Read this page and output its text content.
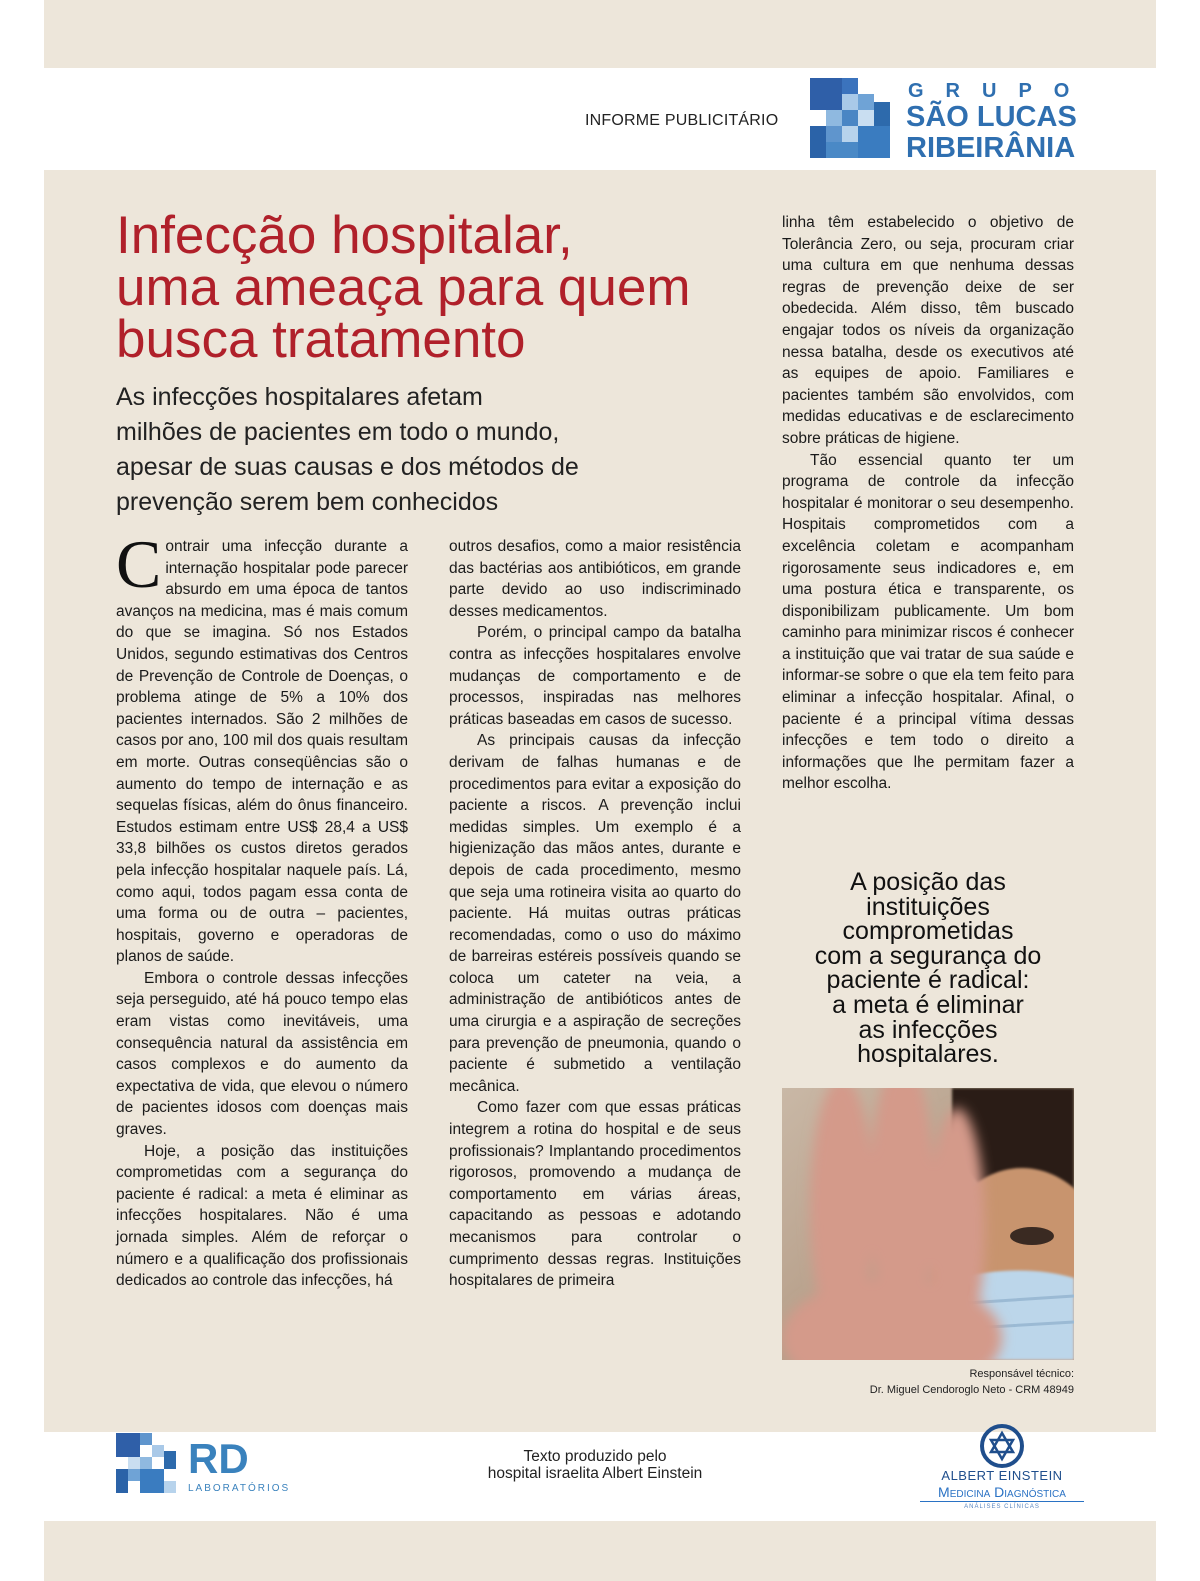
INFORME PUBLICITÁRIO
GRUPO
SÃO LUCAS
RIBEIRÂNIA
Infecção hospitalar,
uma ameaça para quem
busca tratamento
As infecções hospitalares afetam
milhões de pacientes em todo o mundo,
apesar de suas causas e dos métodos de
prevenção serem bem conhecidos

Contrair uma infecção durante a internação hospitalar pode parecer absurdo em uma época de tantos avanços na medicina, mas é mais comum do que se imagina. Só nos Estados Unidos, segundo estimativas dos Centros de Prevenção de Controle de Doenças, o problema atinge de 5% a 10% dos pacientes internados. São 2 milhões de casos por ano, 100 mil dos quais resultam em morte. Outras conseqüências são o aumento do tempo de internação e as sequelas físicas, além do ônus financeiro. Estudos estimam entre US$ 28,4 a US$ 33,8 bilhões os custos diretos gerados pela infecção hospitalar naquele país. Lá, como aqui, todos pagam essa conta de uma forma ou de outra – pacientes, hospitais, governo e operadoras de planos de saúde.

Embora o controle dessas infecções seja perseguido, até há pouco tempo elas eram vistas como inevitáveis, uma consequência natural da assistência em casos complexos e do aumento da expectativa de vida, que elevou o número de pacientes idosos com doenças mais graves.

Hoje, a posição das instituições comprometidas com a segurança do paciente é radical: a meta é eliminar as infecções hospitalares. Não é uma jornada simples. Além de reforçar o número e a qualificação dos profissionais dedicados ao controle das infecções, há

outros desafios, como a maior resistência das bactérias aos antibióticos, em grande parte devido ao uso indiscriminado desses medicamentos.

Porém, o principal campo da batalha contra as infecções hospitalares envolve mudanças de comportamento e de processos, inspiradas nas melhores práticas baseadas em casos de sucesso.

As principais causas da infecção derivam de falhas humanas e de procedimentos para evitar a exposição do paciente a riscos. A prevenção inclui medidas simples. Um exemplo é a higienização das mãos antes, durante e depois de cada procedimento, mesmo que seja uma rotineira visita ao quarto do paciente. Há muitas outras práticas recomendadas, como o uso do máximo de barreiras estéreis possíveis quando se coloca um cateter na veia, a administração de antibióticos antes de uma cirurgia e a aspiração de secreções para prevenção de pneumonia, quando o paciente é submetido a ventilação mecânica.

Como fazer com que essas práticas integrem a rotina do hospital e de seus profissionais? Implantando procedimentos rigorosos, promovendo a mudança de comportamento em várias áreas, capacitando as pessoas e adotando mecanismos para controlar o cumprimento dessas regras. Instituições hospitalares de primeira

linha têm estabelecido o objetivo de Tolerância Zero, ou seja, procuram criar uma cultura em que nenhuma dessas regras de prevenção deixe de ser obedecida. Além disso, têm buscado engajar todos os níveis da organização nessa batalha, desde os executivos até as equipes de apoio. Familiares e pacientes também são envolvidos, com medidas educativas e de esclarecimento sobre práticas de higiene.

Tão essencial quanto ter um programa de controle da infecção hospitalar é monitorar o seu desempenho. Hospitais comprometidos com a excelência coletam e acompanham rigorosamente seus indicadores e, em uma postura ética e transparente, os disponibilizam publicamente. Um bom caminho para minimizar riscos é conhecer a instituição que vai tratar de sua saúde e informar-se sobre o que ela tem feito para eliminar a infecção hospitalar. Afinal, o paciente é a principal vítima dessas infecções e tem todo o direito a informações que lhe permitam fazer a melhor escolha.

A posição das
instituições
comprometidas
com a segurança do
paciente é radical:
a meta é eliminar
as infecções
hospitalares.
Responsável técnico:
Dr. Miguel Cendoroglo Neto - CRM 48949
RD
LABORATÓRIOS
Texto produzido pelo
hospital israelita Albert Einstein	ALBERT EINSTEIN
Medicina Diagnóstica
ANÁLISES CLÍNICAS
